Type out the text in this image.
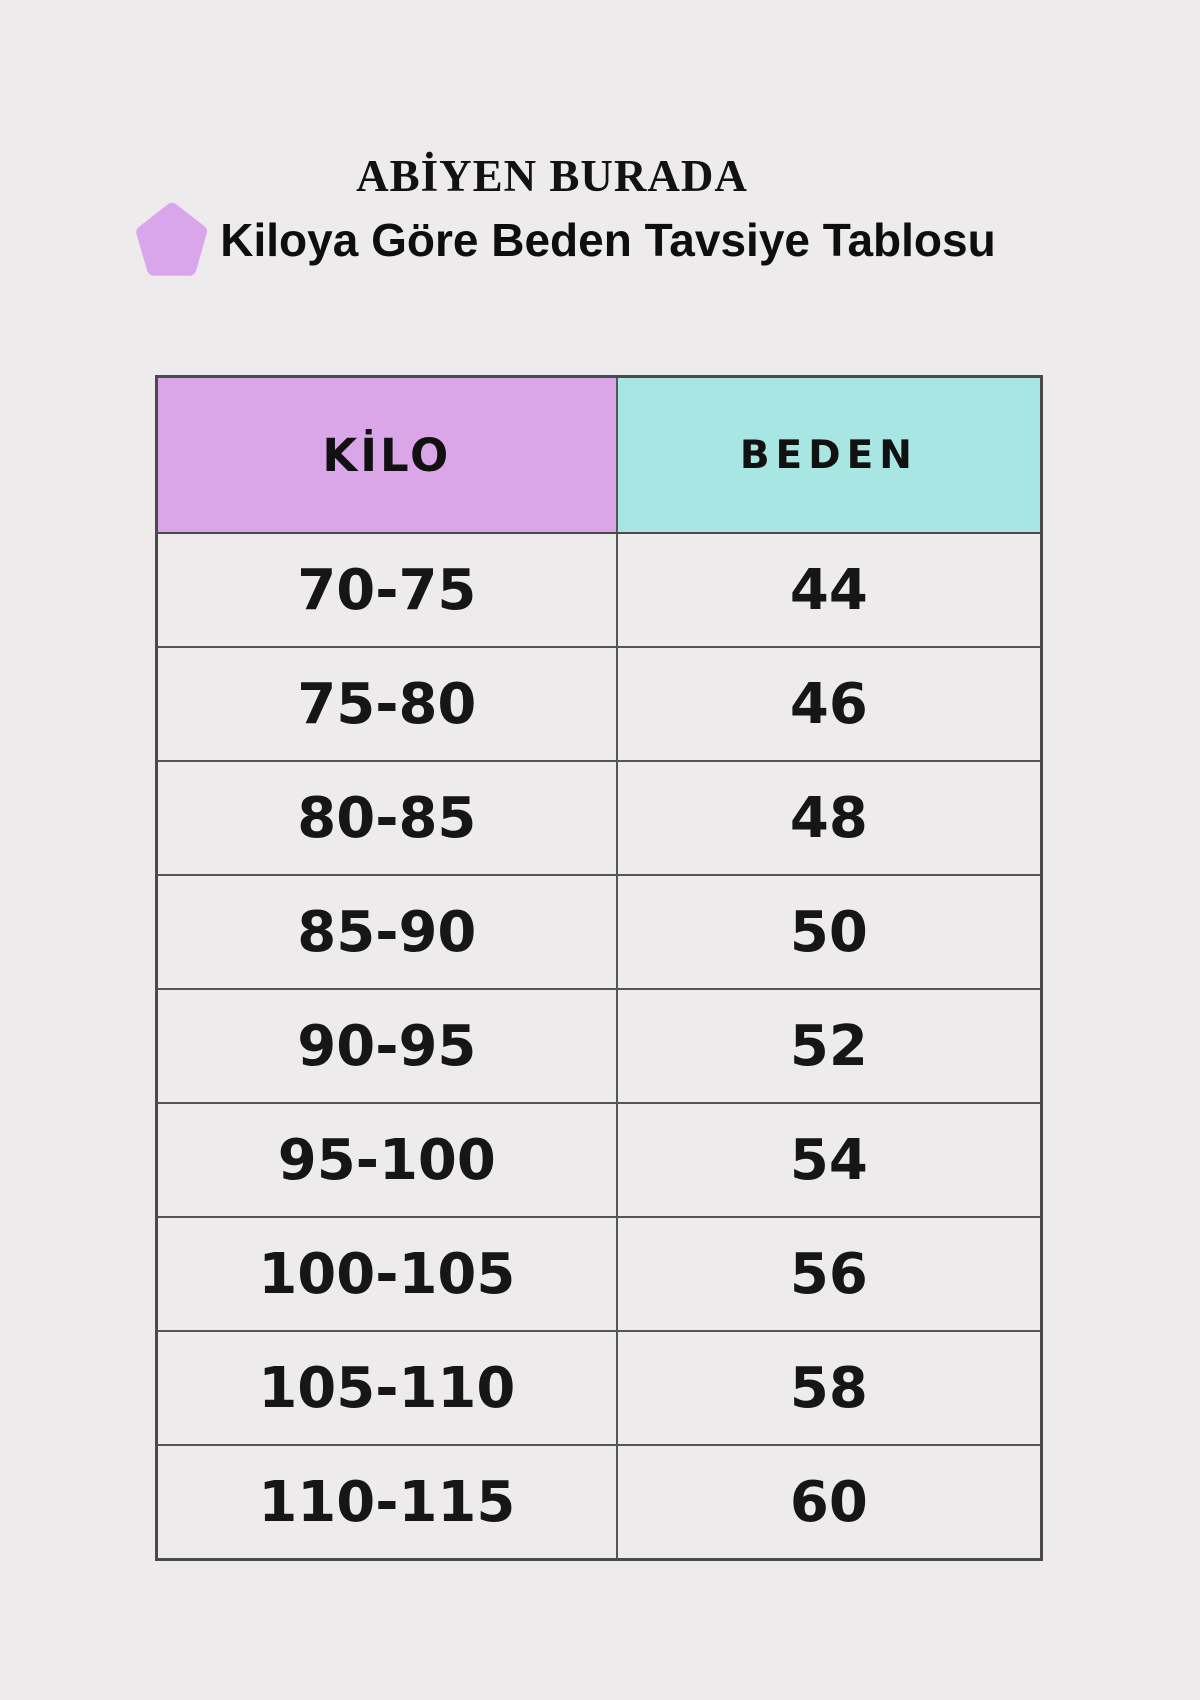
ABİYEN BURADA
Kiloya Göre Beden Tavsiye Tablosu
KİLO	BEDEN
70-75	44
75-80	46
80-85	48
85-90	50
90-95	52
95-100	54
100-105	56
105-110	58
110-115	60
